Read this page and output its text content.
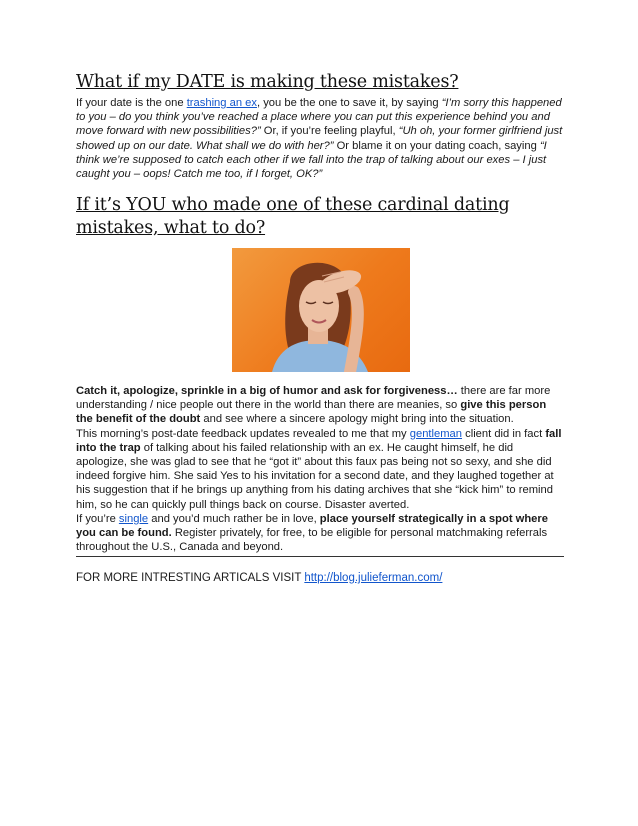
What if my DATE is making these mistakes?

If your date is the one trashing an ex, you be the one to save it, by saying “I’m sorry this happened to you – do you think you’ve reached a place where you can put this experience behind you and move forward with new possibilities?” Or, if you’re feeling playful, “Uh oh, your former girlfriend just showed up on our date. What shall we do with her?” Or blame it on your dating coach, saying “I think we’re supposed to catch each other if we fall into the trap of talking about our exes – I just caught you – oops! Catch me too, if I forget, OK?”

If it’s YOU who made one of these cardinal dating mistakes, what to do?

Catch it, apologize, sprinkle in a big of humor and ask for forgiveness… there are far more understanding / nice people out there in the world than there are meanies, so give this person the benefit of the doubt and see where a sincere apology might bring into the situation.
This morning’s post-date feedback updates revealed to me that my gentleman client did in fact fall into the trap of talking about his failed relationship with an ex. He caught himself, he did apologize, she was glad to see that he “got it” about this faux pas being not so sexy, and she did indeed forgive him. She said Yes to his invitation for a second date, and they laughed together at his suggestion that if he brings up anything from his dating archives that she “kick him” to remind him, so he can quickly pull things back on course. Disaster averted.
If you’re single and you’d much rather be in love, place yourself strategically in a spot where you can be found. Register privately, for free, to be eligible for personal matchmaking referrals throughout the U.S., Canada and beyond.

FOR MORE INTRESTING ARTICALS VISIT http://blog.julieferman.com/
